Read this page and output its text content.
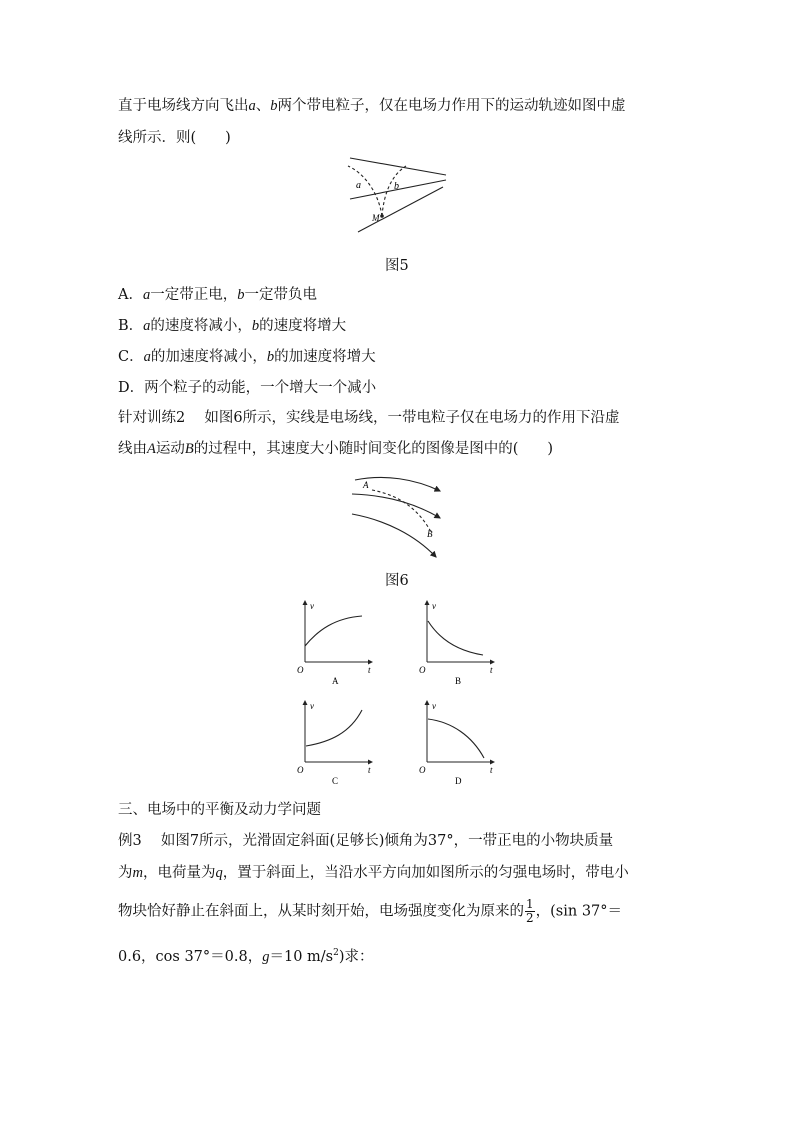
直于电场线方向飞出a、b两个带电粒子，仅在电场力作用下的运动轨迹如图中虚
线所示．则(　　)
a	b
M
图5
A．a一定带正电，b一定带负电
B．a的速度将减小，b的速度将增大
C．a的加速度将减小，b的加速度将增大
D．两个粒子的动能，一个增大一个减小
针对训练2　 如图6所示，实线是电场线，一带电粒子仅在电场力的作用下沿虚
线由A运动B的过程中，其速度大小随时间变化的图像是图中的(　　)
A
B
图6
v
t
O
A
v
t
O
B
v
t
O
C
v
t
O
D
三、电场中的平衡及动力学问题
例3　 如图7所示，光滑固定斜面(足够长)倾角为37°，一带正电的小物块质量
为m，电荷量为q，置于斜面上，当沿水平方向加如图所示的匀强电场时，带电小
物块恰好静止在斜面上，从某时刻开始，电场强度变化为原来的 $\frac{1}{2}$ ，(sin 37°＝
0.6，cos 37°＝0.8，g＝10 $m/s^2$)求：
